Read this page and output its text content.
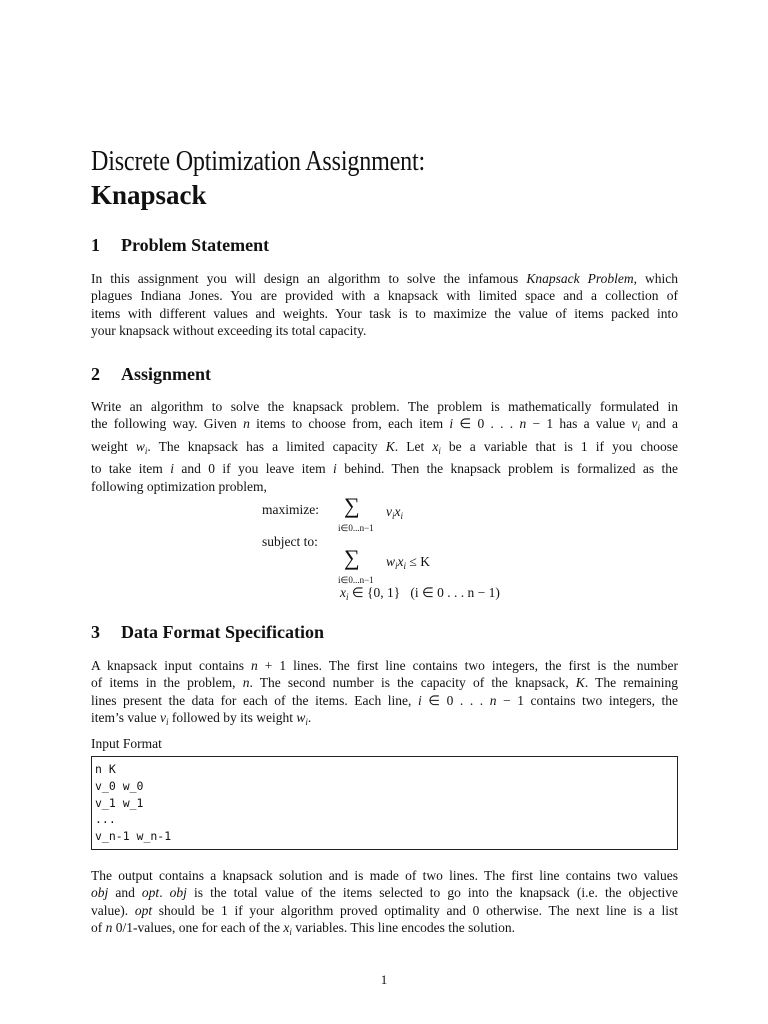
Discrete Optimization Assignment:
Knapsack
1 Problem Statement
In this assignment you will design an algorithm to solve the infamous Knapsack Problem, which
plagues Indiana Jones. You are provided with a knapsack with limited space and a collection of
items with different values and weights. Your task is to maximize the value of items packed into
your knapsack without exceeding its total capacity.
2 Assignment
Write an algorithm to solve the knapsack problem. The problem is mathematically formulated in
the following way. Given n items to choose from, each item i ∈ 0 . . . n − 1 has a value $v_i$ and a
weight $w_i$. The knapsack has a limited capacity K. Let $x_i$ be a variable that is 1 if you choose
to take item i and 0 if you leave item i behind. Then the knapsack problem is formalized as the
following optimization problem,
maximize: ∑
i∈0...n−1
$v_ix_i$
subject to:
∑
i∈0...n−1
$w_ix_i \le K$
$x_i$ ∈ {0, 1} (i ∈ 0 . . . n − 1)
3 Data Format Specification
A knapsack input contains n + 1 lines. The first line contains two integers, the first is the number
of items in the problem, n. The second number is the capacity of the knapsack, K. The remaining
lines present the data for each of the items. Each line, i ∈ 0 . . . n − 1 contains two integers, the
item’s value $v_i$ followed by its weight $w_i$.
Input Format
n K
v_0 w_0
v_1 w_1
...
v_n-1 w_n-1
The output contains a knapsack solution and is made of two lines. The first line contains two values
obj and opt. obj is the total value of the items selected to go into the knapsack (i.e. the objective
value). opt should be 1 if your algorithm proved optimality and 0 otherwise. The next line is a list
of n 0/1-values, one for each of the $x_i$ variables. This line encodes the solution.
1
